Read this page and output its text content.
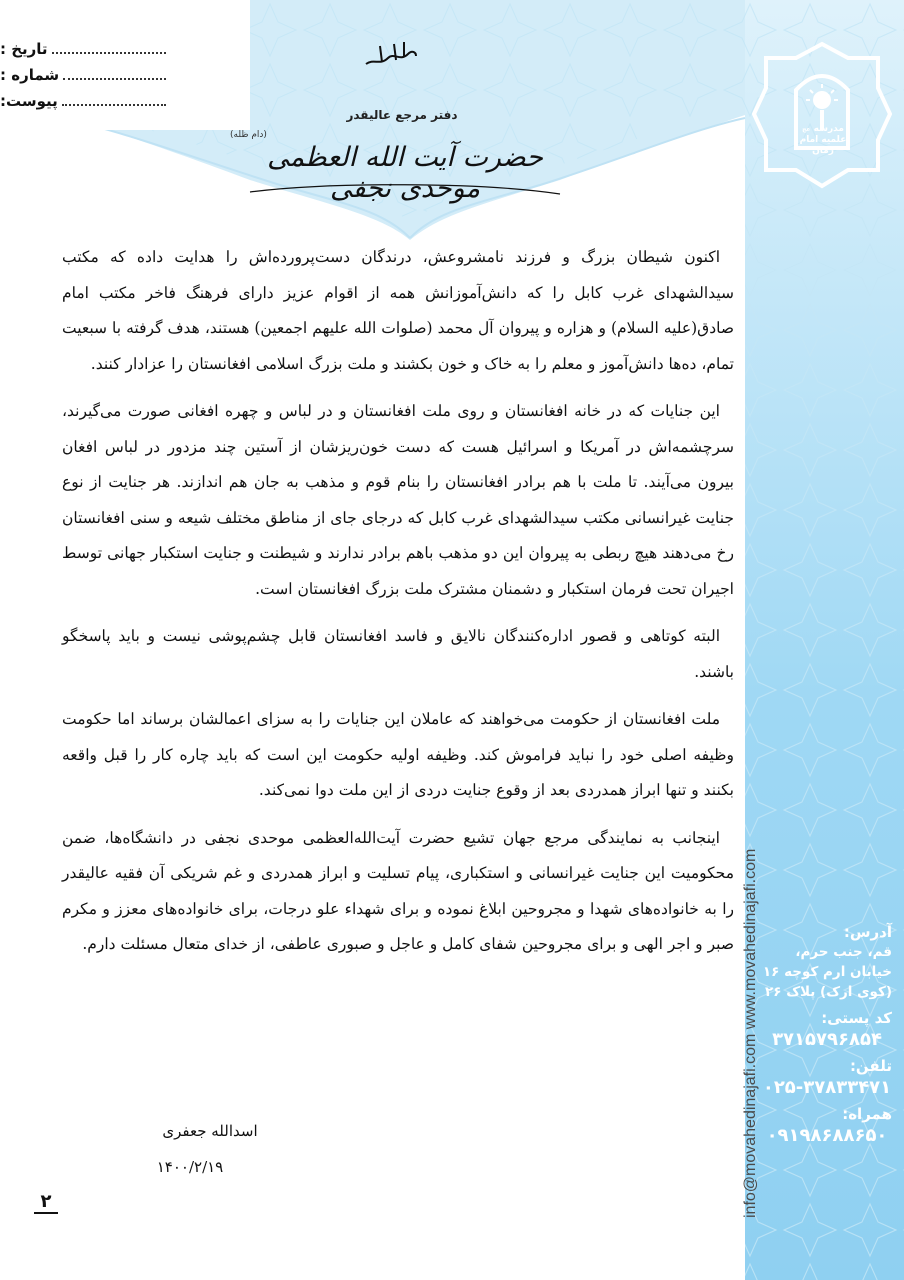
تاریخ :
شماره :
پیوست:
دفتر مرجع عالیقدر
حضرت آیت الله العظمی موحدی نجفی
(دام ظله)
مدرسه عج
علمیه امام زمان

اکنون شیطان بزرگ و فرزند نامشروعش، درندگان دست‌پرورده‌اش را هدایت داده که مکتب سیدالشهدای غرب کابل را که دانش‌آموزانش همه از اقوام عزیز دارای فرهنگ فاخر مکتب امام صادق(علیه السلام) و هزاره و پیروان آل محمد (صلوات الله علیهم اجمعین) هستند، هدف گرفته با سبعیت تمام، ده‌ها دانش‌آموز و معلم را به خاک و خون بکشند و ملت بزرگ اسلامی افغانستان را عزادار کنند.

این جنایات که در خانه افغانستان و روی ملت افغانستان و در لباس و چهره افغانی صورت می‌گیرند، سرچشمه‌اش در آمریکا و اسرائیل هست که دست خون‌ریزشان از آستین چند مزدور در لباس افغان بیرون می‌آیند. تا ملت با هم برادر افغانستان را بنام قوم و مذهب به جان هم اندازند. هر جنایت از نوع جنایت غیرانسانی مکتب سیدالشهدای غرب کابل که درجای جای از مناطق مختلف شیعه و سنی افغانستان رخ می‌دهند هیچ ربطی به پیروان این دو مذهب باهم برادر ندارند و شیطنت و جنایت استکبار جهانی توسط اجیران تحت فرمان استکبار و دشمنان مشترک ملت بزرگ افغانستان است.

البته کوتاهی و قصور اداره‌کنندگان نالایق و فاسد افغانستان قابل چشم‌پوشی نیست و باید پاسخگو باشند.

ملت افغانستان از حکومت می‌خواهند که عاملان این جنایات را به سزای اعمالشان برساند اما حکومت وظیفه اصلی خود را نباید فراموش کند. وظیفه اولیه حکومت این است که باید چاره کار را قبل واقعه بکنند و تنها ابراز همدردی بعد از وقوع جنایت دردی از این ملت دوا نمی‌کند.

اینجانب به نمایندگی مرجع جهان تشیع حضرت آیت‌الله‌العظمی موحدی نجفی در دانشگاه‌ها، ضمن محکومیت این جنایت غیرانسانی و استکباری، پیام تسلیت و ابراز همدردی و غم شریکی آن فقیه عالیقدر را به خانواده‌های شهدا و مجروحین ابلاغ نموده و برای شهداء علو درجات، برای خانواده‌های معزز و مکرم صبر و اجر الهی و برای مجروحین شفای کامل و عاجل و صبوری عاطفی، از خدای متعال مسئلت دارم.

اسدالله جعفری
۱۴۰۰/۲/۱۹
۲	info@movahedinajafi.com www.movahedinajafi.com	آدرس:
قم، جنب حرم، خیابان ارم کوچه ۱۶ (کوی ارک) پلاک ۲۶
کد پستی:
۳۷۱۵۷۹۶۸۵۴
تلفن:
۰۲۵-۳۷۸۳۳۴۷۱
همراه:
۰۹۱۹۸۶۸۸۶۵۰
